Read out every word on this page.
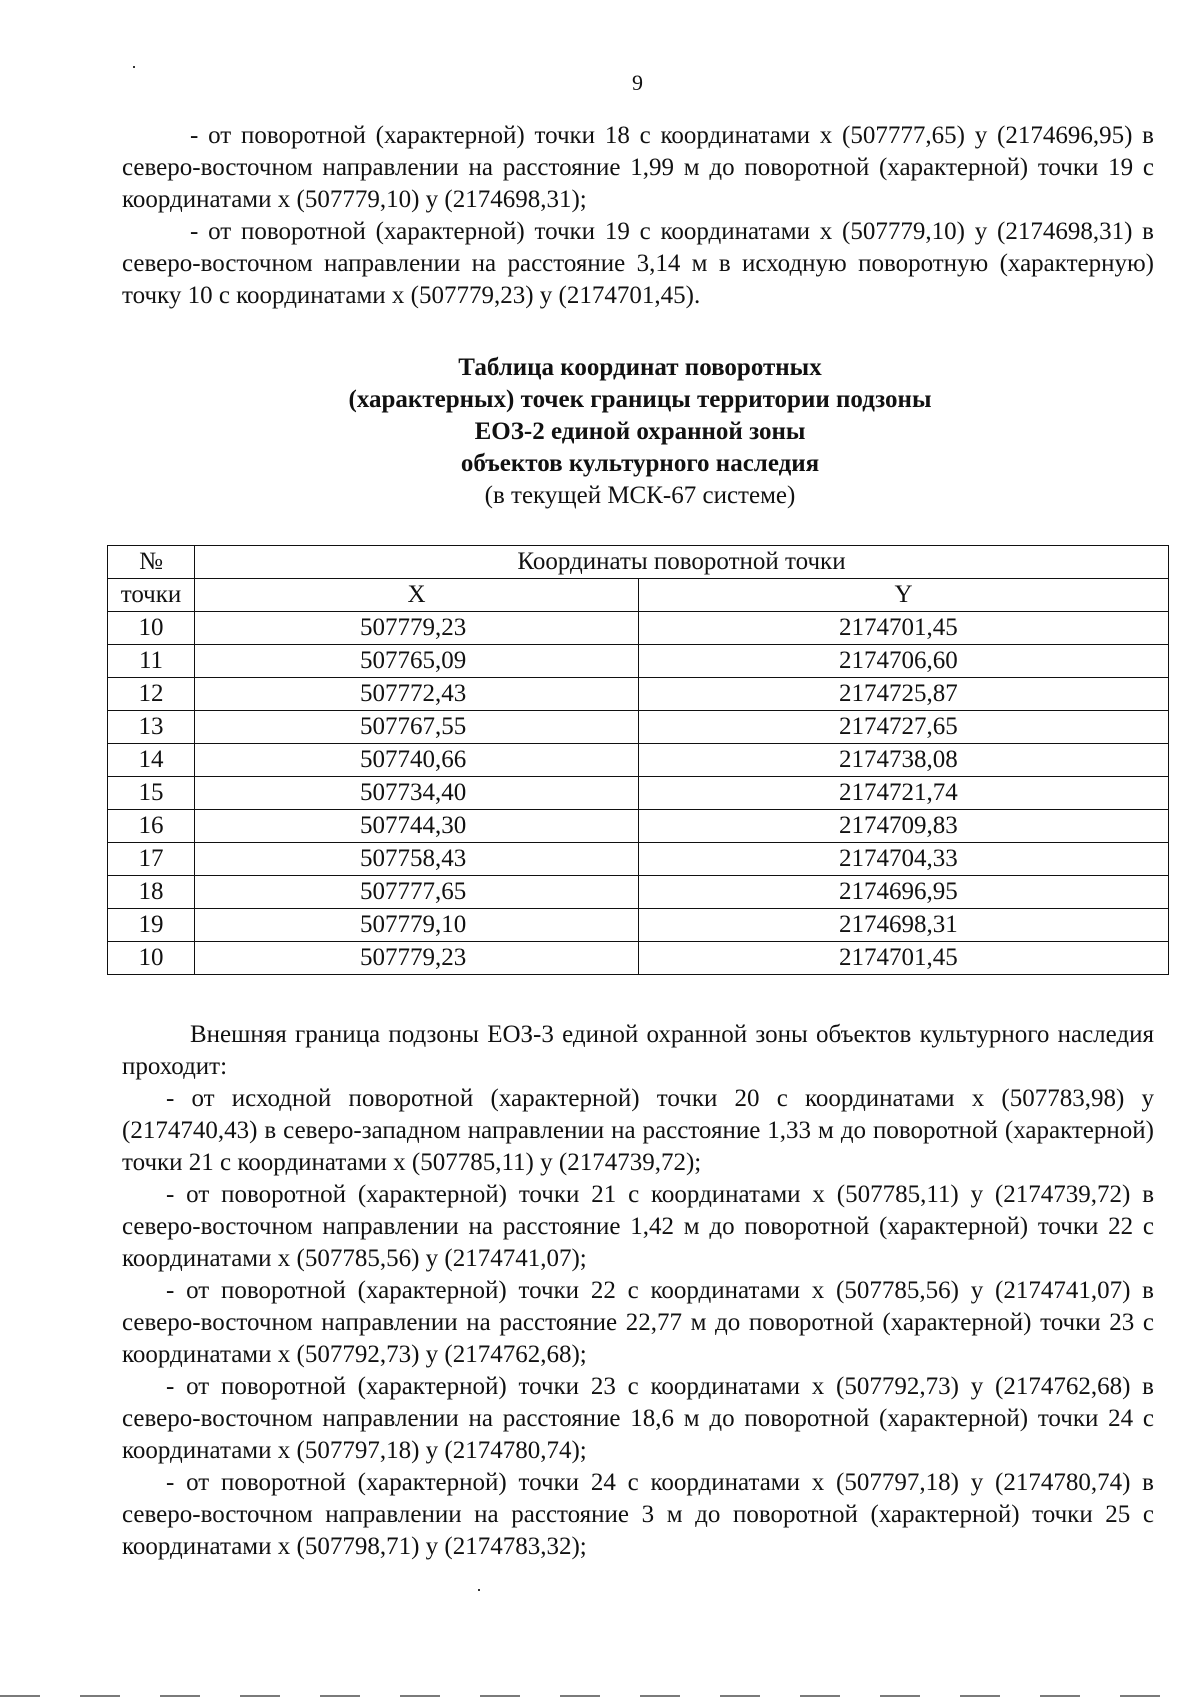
9

- от поворотной (характерной) точки 18 с координатами х (507777,65) у (2174696,95) в северо-восточном направлении на расстояние 1,99 м до поворотной (характерной) точки 19 с координатами х (507779,10) у (2174698,31);

- от поворотной (характерной) точки 19 с координатами х (507779,10) у (2174698,31) в северо-восточном направлении на расстояние 3,14 м в исходную поворотную (характерную) точку 10 с координатами х (507779,23) у (2174701,45).

Таблица координат поворотных
(характерных) точек границы территории подзоны
ЕОЗ-2 единой охранной зоны
объектов культурного наследия
(в текущей МСК-67 системе)
№	Координаты поворотной точки	
точки	X	Y
10	507779,23	2174701,45
11	507765,09	2174706,60
12	507772,43	2174725,87
13	507767,55	2174727,65
14	507740,66	2174738,08
15	507734,40	2174721,74
16	507744,30	2174709,83
17	507758,43	2174704,33
18	507777,65	2174696,95
19	507779,10	2174698,31
10	507779,23	2174701,45

Внешняя граница подзоны ЕОЗ-3 единой охранной зоны объектов культурного наследия проходит:

- от исходной поворотной (характерной) точки 20 с координатами х (507783,98) у (2174740,43) в северо-западном направлении на расстояние 1,33 м до поворотной (характерной) точки 21 с координатами х (507785,11) у (2174739,72);

- от поворотной (характерной) точки 21 с координатами х (507785,11) у (2174739,72) в северо-восточном направлении на расстояние 1,42 м до поворотной (характерной) точки 22 с координатами х (507785,56) у (2174741,07);

- от поворотной (характерной) точки 22 с координатами х (507785,56) у (2174741,07) в северо-восточном направлении на расстояние 22,77 м до поворотной (характерной) точки 23 с координатами х (507792,73) у (2174762,68);

- от поворотной (характерной) точки 23 с координатами х (507792,73) у (2174762,68) в северо-восточном направлении на расстояние 18,6 м до поворотной (характерной) точки 24 с координатами х (507797,18) у (2174780,74);

- от поворотной (характерной) точки 24 с координатами х (507797,18) у (2174780,74) в северо-восточном направлении на расстояние 3 м до поворотной (характерной) точки 25 с координатами х (507798,71) у (2174783,32);
